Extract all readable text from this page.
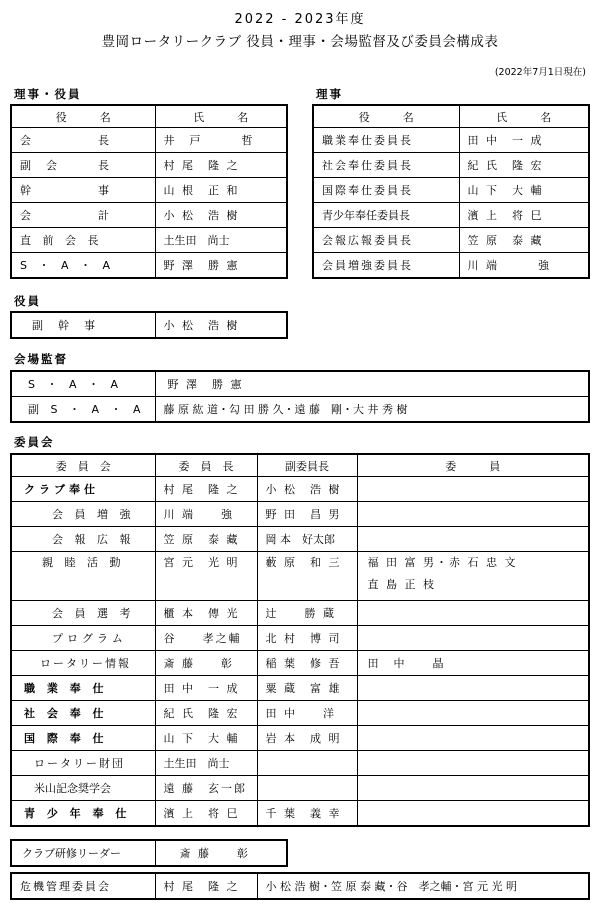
2022 - 2023年度
豊岡ロータリークラブ 役員・理事・会場監督及び委員会構成表
(2022年7月1日現在)
理事・役員
役　　　名	氏　　　名
会　　　　　長	井　戸　　　哲
副　会　　　長	村 尾　隆 之
幹　　　　　事	山 根　正 和
会　　　　　計	小 松　浩 樹
直 前 会 長	土生田　尚士
S ・ A ・ A	野 澤　勝 憲
理事
役　　　名	氏　　　名
職業奉仕委員長	田 中　一 成
社会奉仕委員長	紀 氏　隆 宏
国際奉仕委員長	山 下　大 輔
青少年奉任委員長	濱 上　将 巳
会報広報委員長	笠 原　泰 藏
会員増強委員長	川 端　　　強
役員
副　幹　事	小 松　浩 樹
会場監督
S ・ A ・ A	野 澤　勝 憲
副 S ・ A ・ A	藤 原 紘 道・勾 田 勝 久・遠 藤　剛・大 井 秀 樹
委員会
委　員　会	委　員　長	副委員長	委　　　員
クラブ奉仕	村 尾　隆 之	小 松　浩 樹	
会 員 増 強	川 端　　強	野 田　昌 男	
会 報 広 報	笠 原　泰 藏	岡 本　好太郎	

親 睦 活 動	宮 元　光 明	藪 原　和 三	福 田 富 男・赤 石 忠 文
直 島 正 枝

会 員 選 考	櫃 本　傳 光	辻　　勝 蔵	
プログラム	谷　　孝之輔	北 村　博 司	
ロータリー情報	斎 藤　　彰	稲 葉　修 吾	田　中　　晶
職 業 奉 仕	田 中　一 成	粟 蔵　富 雄	
社 会 奉 仕	紀 氏　隆 宏	田 中　　洋	
国 際 奉 仕	山 下　大 輔	岩 本　成 明	
ロータリー財団	土生田　尚士		
米山記念奨学会	遠 藤　玄一郎		
青 少 年 奉 仕	濱 上　将 巳	千 葉　義 幸	
クラブ研修リーダー	斎 藤　　彰
危機管理委員会	村 尾　隆 之	小 松 浩 樹・笠 原 泰 藏・谷　孝之輔・宮 元 光 明
